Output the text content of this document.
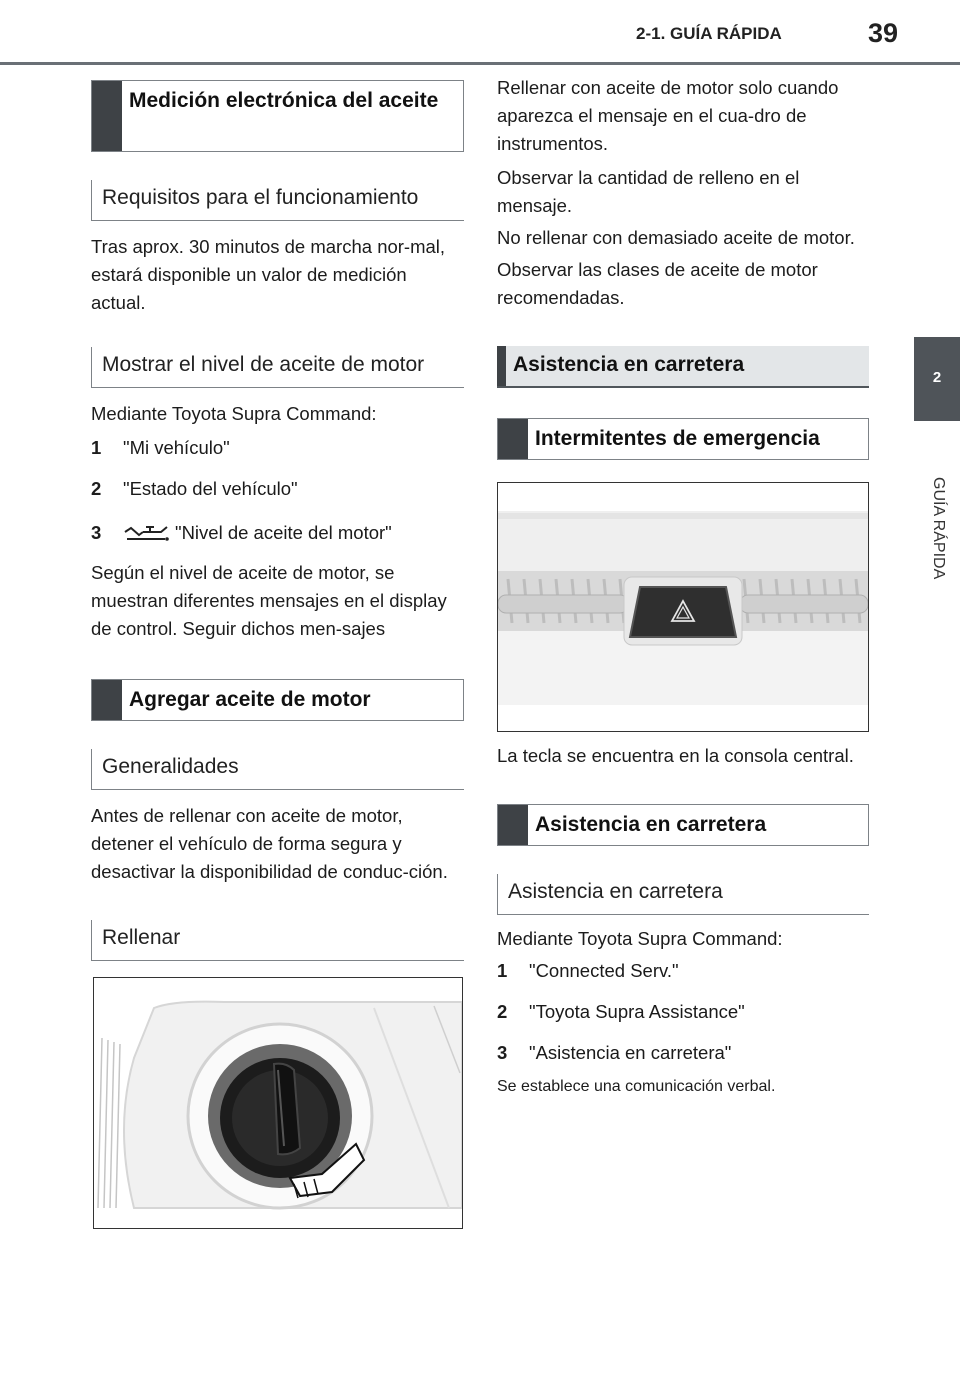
2-1. GUÍA RÁPIDA	39
2
GUÍA RÁPIDA
Medición electrónica del aceite
Requisitos para el funcionamiento

Tras aprox. 30 minutos de marcha nor-mal, estará disponible un valor de medición actual.

Mostrar el nivel de aceite de motor

Mediante Toyota Supra Command:

1	"Mi vehículo"
2	"Estado del vehículo"
3	"Nivel de aceite del motor"

Según el nivel de aceite de motor, se muestran diferentes mensajes en el display de control. Seguir dichos men-sajes

Agregar aceite de motor
Generalidades

Antes de rellenar con aceite de motor, detener el vehículo de forma segura y desactivar la disponibilidad de conduc-ción.

Rellenar

Rellenar con aceite de motor solo cuando aparezca el mensaje en el cua-dro de instrumentos.

Observar la cantidad de relleno en el mensaje.

No rellenar con demasiado aceite de motor.

Observar las clases de aceite de motor recomendadas.

Asistencia en carretera
Intermitentes de emergencia

La tecla se encuentra en la consola central.

Asistencia en carretera
Asistencia en carretera

Mediante Toyota Supra Command:

1	"Connected Serv."
2	"Toyota Supra Assistance"
3	"Asistencia en carretera"

Se establece una comunicación verbal.
